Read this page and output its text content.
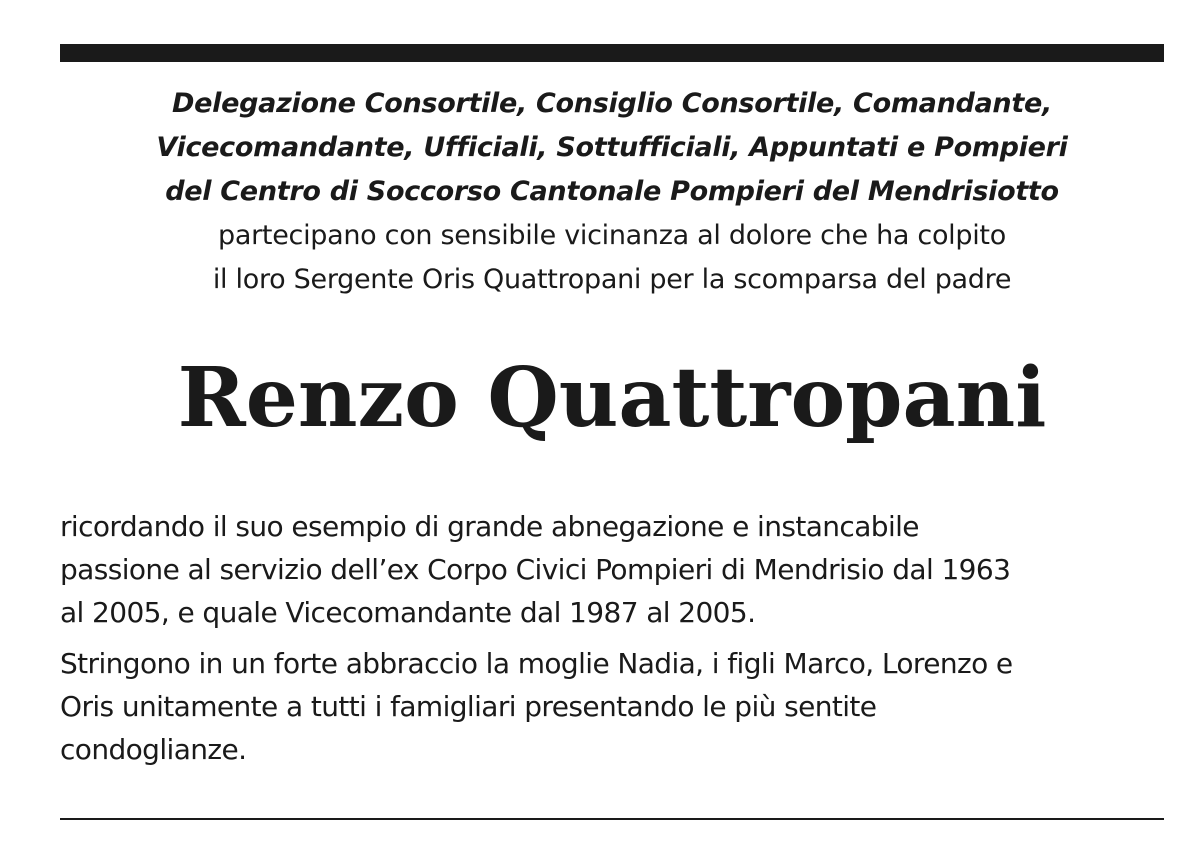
Delegazione Consortile, Consiglio Consortile, Comandante,
Vicecomandante, Ufficiali, Sottufficiali, Appuntati e Pompieri
del Centro di Soccorso Cantonale Pompieri del Mendrisiotto
partecipano con sensibile vicinanza al dolore che ha colpito
il loro Sergente Oris Quattropani per la scomparsa del padre
Renzo Quattropani
ricordando il suo esempio di grande abnegazione e instancabile
passione al servizio dell’ex Corpo Civici Pompieri di Mendrisio dal 1963
al 2005, e quale Vicecomandante dal 1987 al 2005.
Stringono in un forte abbraccio la moglie Nadia, i figli Marco, Lorenzo e
Oris unitamente a tutti i famigliari presentando le più sentite
condoglianze.
